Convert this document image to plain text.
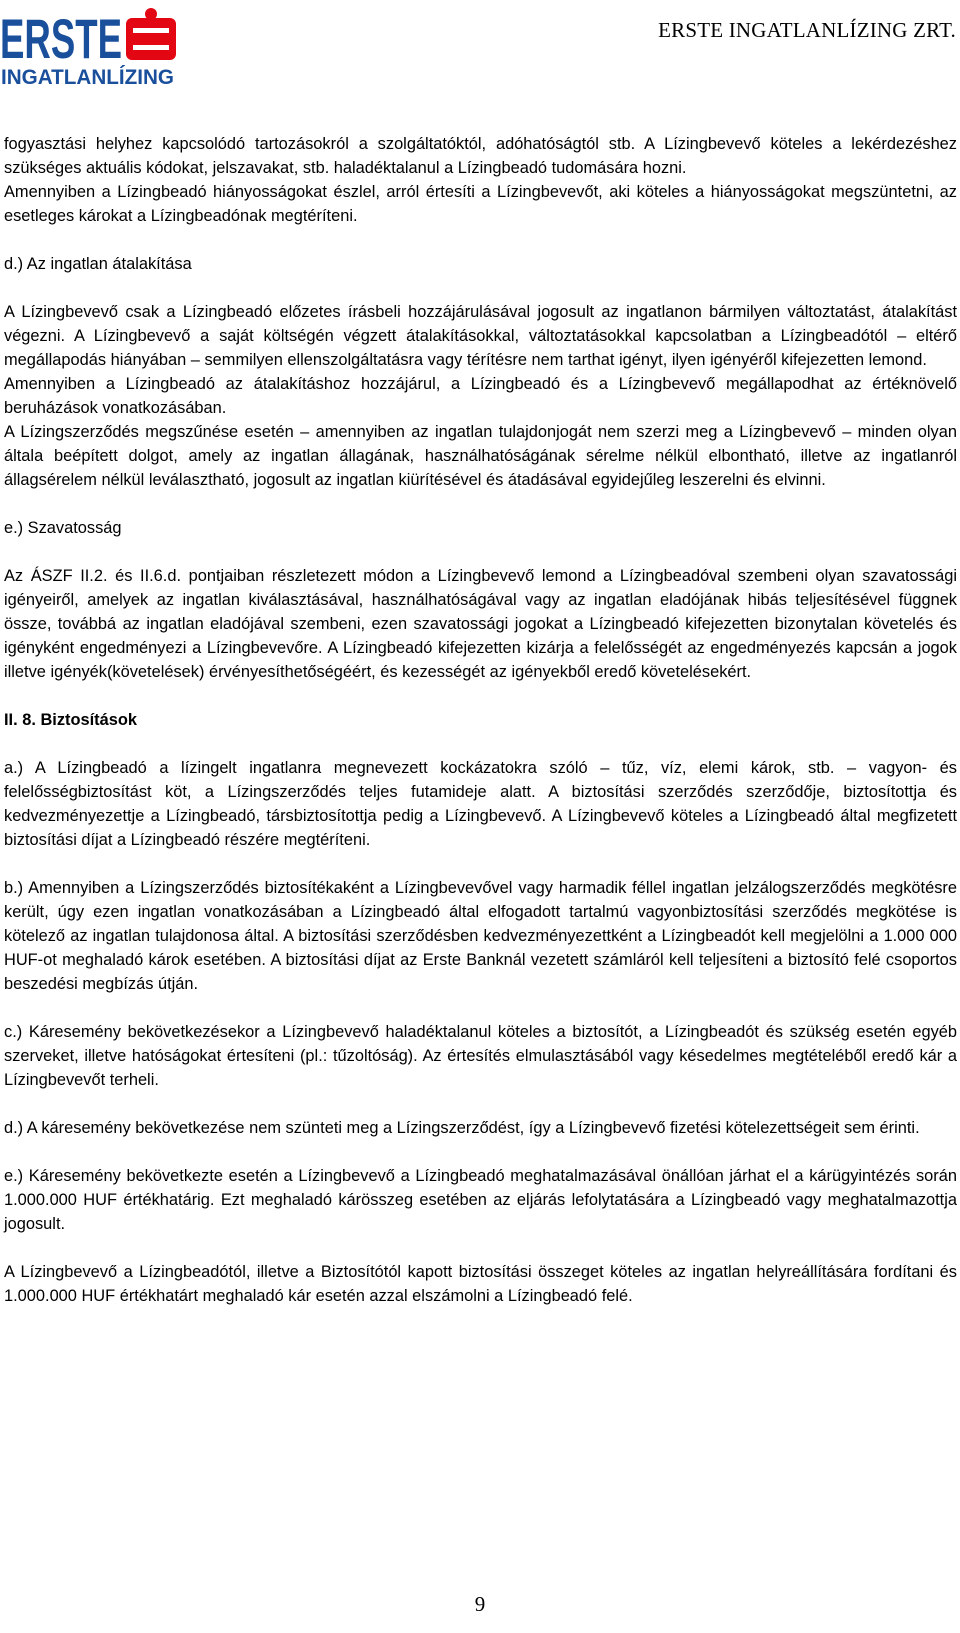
ERSTE
INGATLANLÍZING
ERSTE INGATLANLÍZING ZRT.

fogyasztási helyhez kapcsolódó tartozásokról a szolgáltatóktól, adóhatóságtól stb. A Lízingbevevő köteles a lekérdezéshez szükséges aktuális kódokat, jelszavakat, stb. haladéktalanul a Lízingbeadó tudomására hozni.

Amennyiben a Lízingbeadó hiányosságokat észlel, arról értesíti a Lízingbevevőt, aki köteles a hiányosságokat megszüntetni, az esetleges károkat a Lízingbeadónak megtéríteni.

d.) Az ingatlan átalakítása

A Lízingbevevő csak a Lízingbeadó előzetes írásbeli hozzájárulásával jogosult az ingatlanon bármilyen változtatást, átalakítást végezni. A Lízingbevevő a saját költségén végzett átalakításokkal, változtatásokkal kapcsolatban a Lízingbeadótól – eltérő megállapodás hiányában – semmilyen ellenszolgáltatásra vagy térítésre nem tarthat igényt, ilyen igényéről kifejezetten lemond.

Amennyiben a Lízingbeadó az átalakításhoz hozzájárul, a Lízingbeadó és a Lízingbevevő megállapodhat az értéknövelő beruházások vonatkozásában.

A Lízingszerződés megszűnése esetén – amennyiben az ingatlan tulajdonjogát nem szerzi meg a Lízingbevevő – minden olyan általa beépített dolgot, amely az ingatlan állagának, használhatóságának sérelme nélkül elbontható, illetve az ingatlanról állagsérelem nélkül leválasztható, jogosult az ingatlan kiürítésével és átadásával egyidejűleg leszerelni és elvinni.

e.) Szavatosság

Az ÁSZF II.2. és II.6.d. pontjaiban részletezett módon a Lízingbevevő lemond a Lízingbeadóval szembeni olyan szavatossági igényeiről, amelyek az ingatlan kiválasztásával, használhatóságával vagy az ingatlan eladójának hibás teljesítésével függnek össze, továbbá az ingatlan eladójával szembeni, ezen szavatossági jogokat a Lízingbeadó kifejezetten bizonytalan követelés és igényként engedményezi a Lízingbevevőre. A Lízingbeadó kifejezetten kizárja a felelősségét az engedményezés kapcsán a jogok illetve igényék(követelések) érvényesíthetőségéért, és kezességét az igényekből eredő követelésekért.

II. 8. Biztosítások

a.) A Lízingbeadó a lízingelt ingatlanra megnevezett kockázatokra szóló – tűz, víz, elemi károk, stb. – vagyon- és felelősségbiztosítást köt, a Lízingszerződés teljes futamideje alatt. A biztosítási szerződés szerződője, biztosítottja és kedvezményezettje a Lízingbeadó, társbiztosítottja pedig a Lízingbevevő. A Lízingbevevő köteles a Lízingbeadó által megfizetett biztosítási díjat a Lízingbeadó részére megtéríteni.

b.) Amennyiben a Lízingszerződés biztosítékaként a Lízingbevevővel vagy harmadik féllel ingatlan jelzálogszerződés megkötésre került, úgy ezen ingatlan vonatkozásában a Lízingbeadó által elfogadott tartalmú vagyonbiztosítási szerződés megkötése is kötelező az ingatlan tulajdonosa által. A biztosítási szerződésben kedvezményezettként a Lízingbeadót kell megjelölni a 1.000 000 HUF-ot meghaladó károk esetében. A biztosítási díjat az Erste Banknál vezetett számláról kell teljesíteni a biztosító felé csoportos beszedési megbízás útján.

c.) Káresemény bekövetkezésekor a Lízingbevevő haladéktalanul köteles a biztosítót, a Lízingbeadót és szükség esetén egyéb szerveket, illetve hatóságokat értesíteni (pl.: tűzoltóság). Az értesítés elmulasztásából vagy késedelmes megtételéből eredő kár a Lízingbevevőt terheli.

d.) A káresemény bekövetkezése nem szünteti meg a Lízingszerződést, így a Lízingbevevő fizetési kötelezettségeit sem érinti.

e.) Káresemény bekövetkezte esetén a Lízingbevevő a Lízingbeadó meghatalmazásával önállóan járhat el a kárügyintézés során 1.000.000 HUF értékhatárig. Ezt meghaladó kárösszeg esetében az eljárás lefolytatására a Lízingbeadó vagy meghatalmazottja jogosult.

A Lízingbevevő a Lízingbeadótól, illetve a Biztosítótól kapott biztosítási összeget köteles az ingatlan helyreállítására fordítani és 1.000.000 HUF értékhatárt meghaladó kár esetén azzal elszámolni a Lízingbeadó felé.

9
